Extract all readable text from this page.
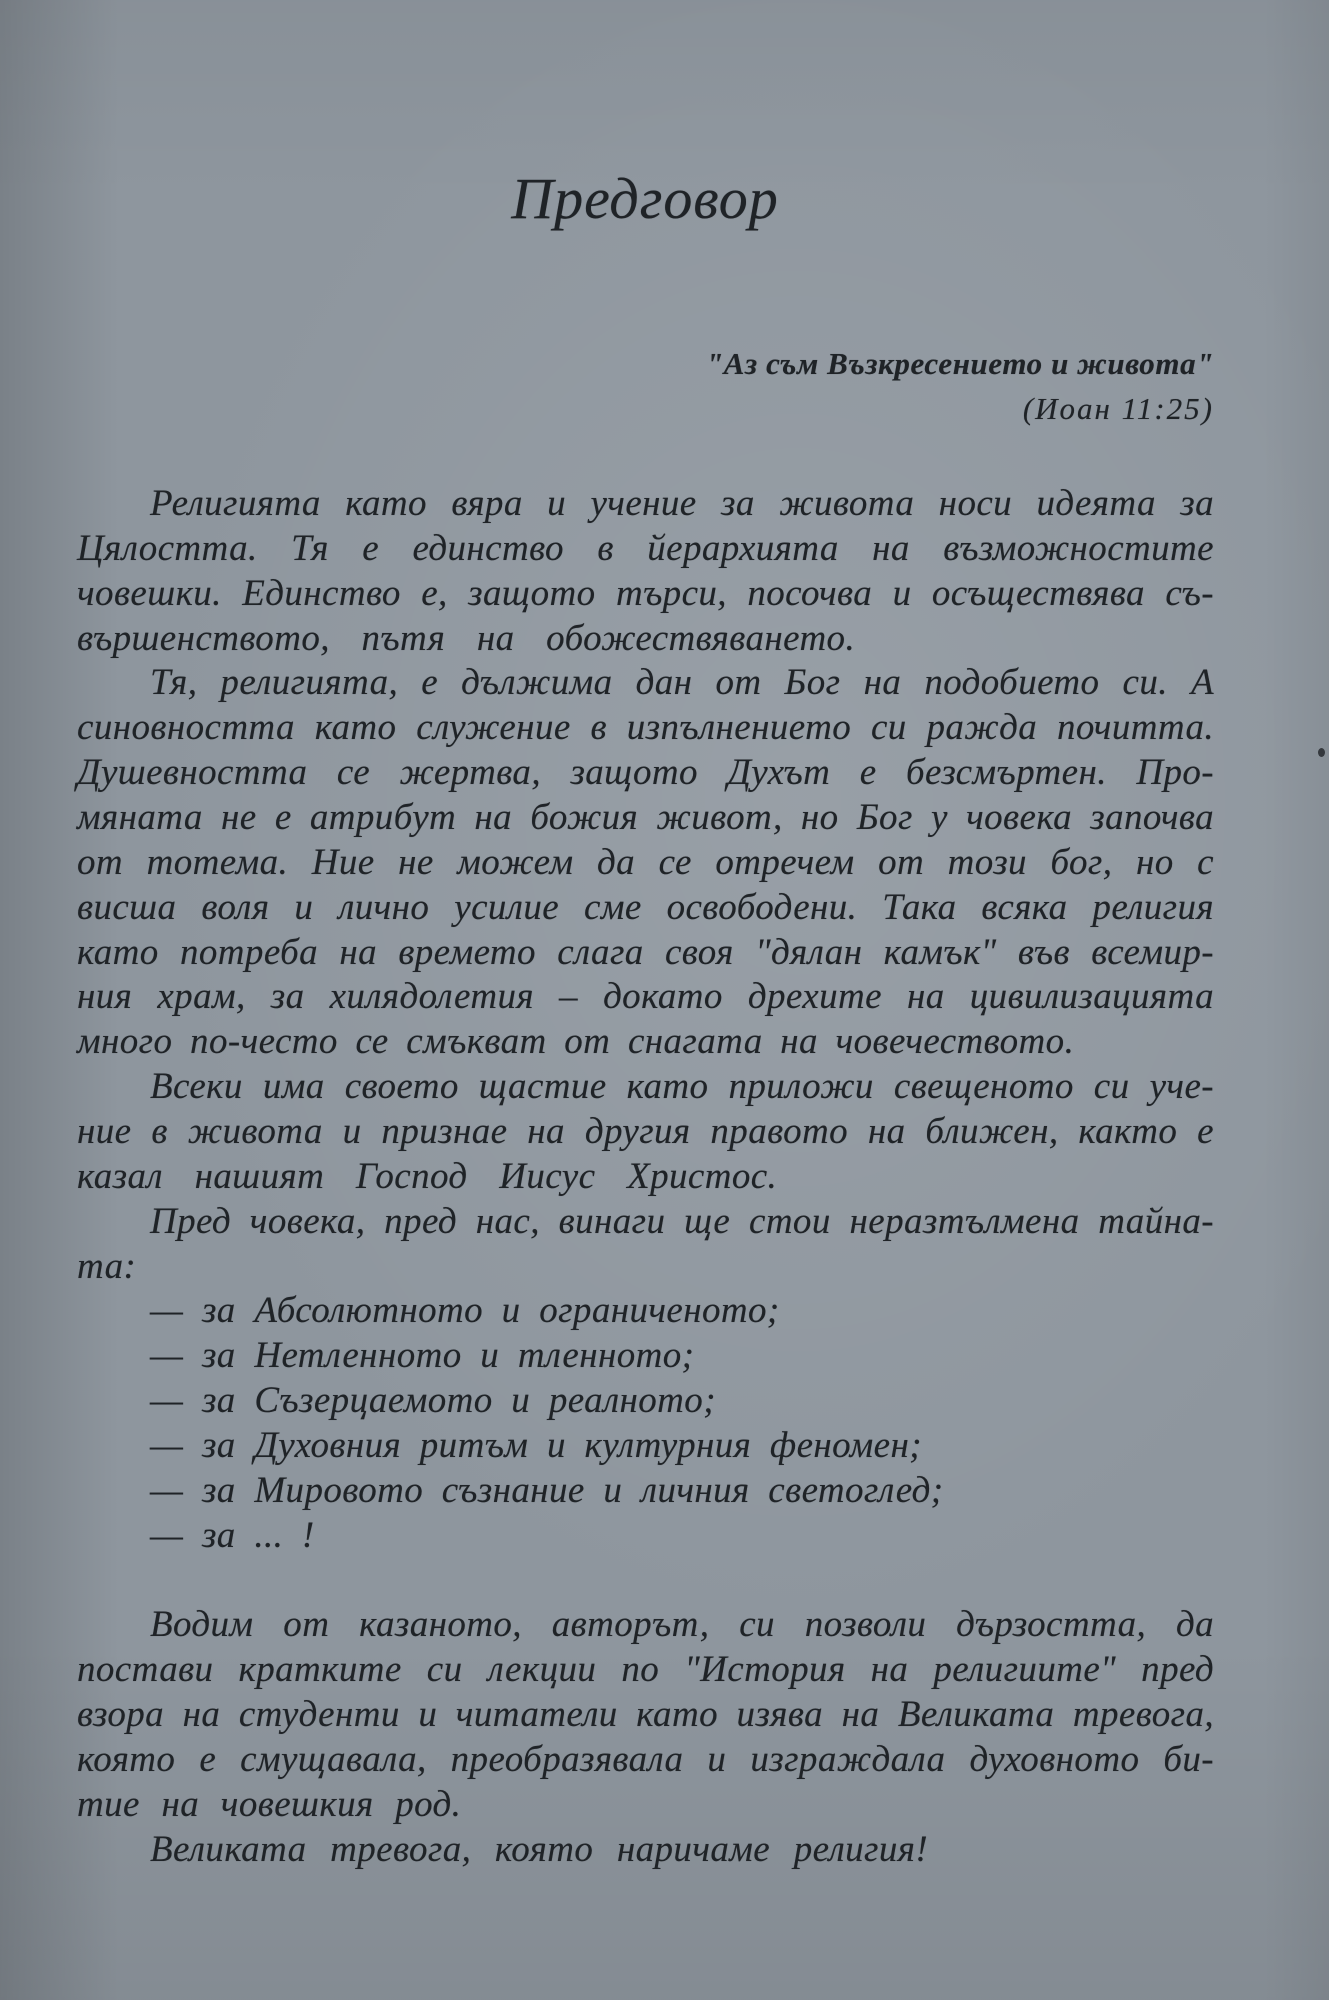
Предговор
"Аз съм Възкресението и живота"
(Иоан 11:25)
Религията като вяра и учение за живота носи идеята за
Цялостта. Тя е единство в йерархията на възможностите
човешки. Единство е, защото търси, посочва и осъществява съ-
вършенството, пътя на обожествяването.
Тя, религията, е дължима дан от Бог на подобието си. А
синовността като служение в изпълнението си ражда почитта.
Душевността се жертва, защото Духът е безсмъртен. Про-
мяната не е атрибут на божия живот, но Бог у човека започва
от тотема. Ние не можем да се отречем от този бог, но с
висша воля и лично усилие сме освободени. Така всяка религия
като потреба на времето слага своя "дялан камък" във всемир-
ния храм, за хилядолетия – докато дрехите на цивилизацията
много по-често се смъкват от снагата на човечеството.
Всеки има своето щастие като приложи свещеното си уче-
ние в живота и признае на другия правото на ближен, както е
казал нашият Господ Иисус Христос.
Пред човека, пред нас, винаги ще стои неразтълмена тайна-
та:
— за Абсолютното и ограниченото;
— за Нетленното и тленното;
— за Съзерцаемото и реалното;
— за Духовния ритъм и културния феномен;
— за Мировото съзнание и личния светоглед;
— за ... !
Водим от казаното, авторът, си позволи дързостта, да
постави кратките си лекции по "История на религиите" пред
взора на студенти и читатели като изява на Великата тревога,
която е смущавала, преобразявала и изграждала духовното би-
тие на човешкия род.
Великата тревога, която наричаме религия!
